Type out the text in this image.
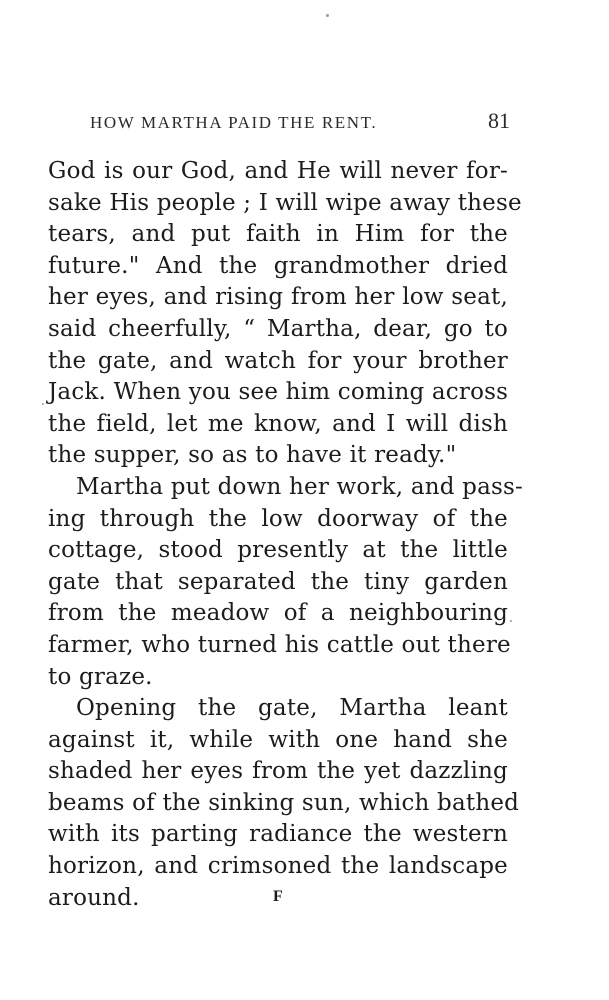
HOW MARTHA PAID THE RENT.	81
God is our God, and He will never for-
sake His people ; I will wipe away these
tears, and put faith in Him for the
future." And the grandmother dried
her eyes, and rising from her low seat,
said cheerfully, “ Martha, dear, go to
the gate, and watch for your brother
Jack. When you see him coming across
the field, let me know, and I will dish
the supper, so as to have it ready."
Martha put down her work, and pass-
ing through the low doorway of the
cottage, stood presently at the little
gate that separated the tiny garden
from the meadow of a neighbouring
farmer, who turned his cattle out there
to graze.
Opening the gate, Martha leant
against it, while with one hand she
shaded her eyes from the yet dazzling
beams of the sinking sun, which bathed
with its parting radiance the western
horizon, and crimsoned the landscape
around.	F
